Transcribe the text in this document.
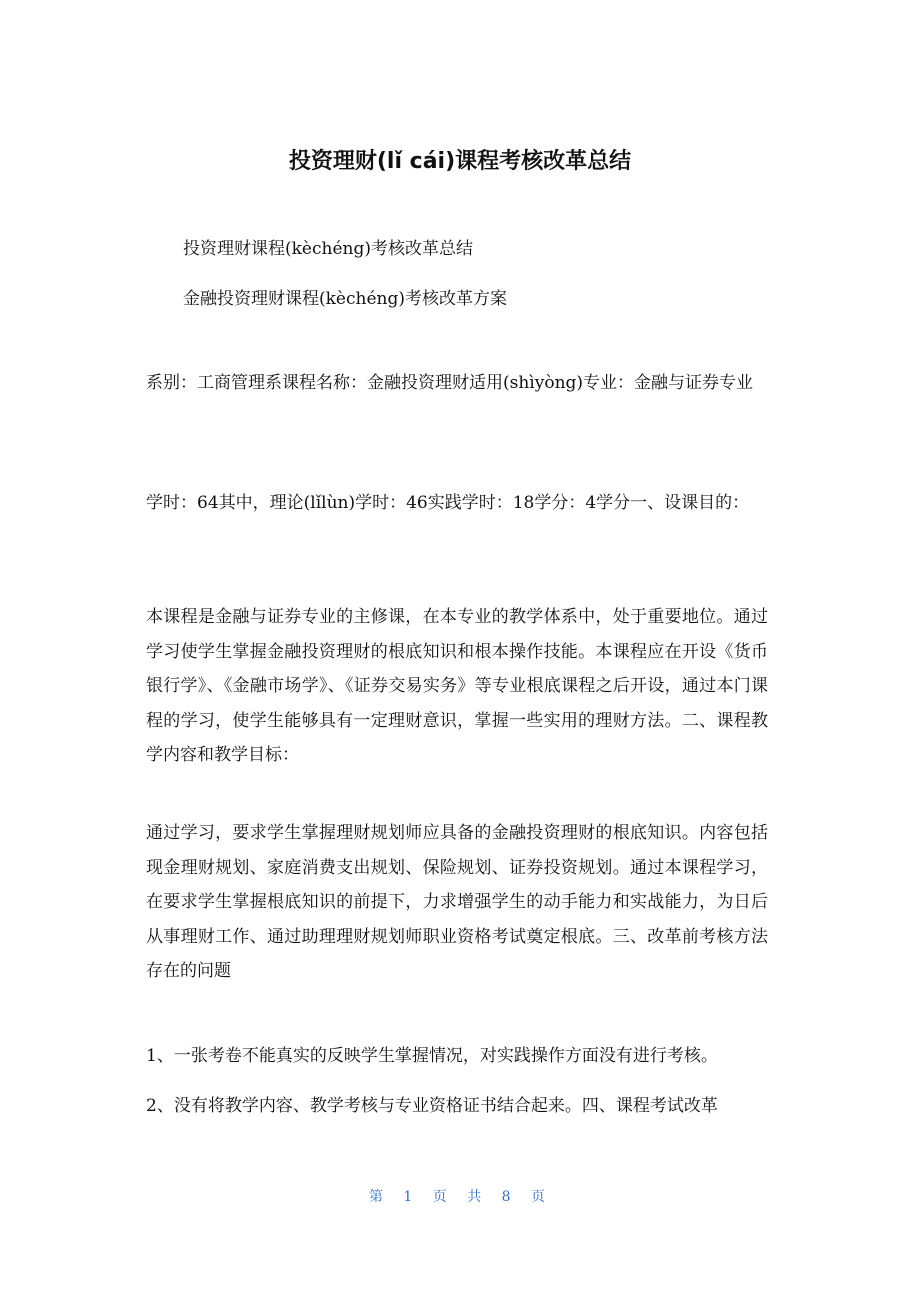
投资理财(lǐ cái)课程考核改革总结
投资理财课程(kèchéng)考核改革总结
金融投资理财课程(kèchéng)考核改革方案
系别：工商管理系课程名称：金融投资理财适用(shìyòng)专业：金融与证券专业
学时：64其中，理论(lǐlùn)学时：46实践学时：18学分：4学分一、设课目的：
本课程是金融与证券专业的主修课，在本专业的教学体系中，处于重要地位。通过学习使学生掌握金融投资理财的根底知识和根本操作技能。本课程应在开设《货币银行学》、《金融市场学》、《证券交易实务》等专业根底课程之后开设，通过本门课程的学习，使学生能够具有一定理财意识，掌握一些实用的理财方法。二、课程教学内容和教学目标：
通过学习，要求学生掌握理财规划师应具备的金融投资理财的根底知识。内容包括现金理财规划、家庭消费支出规划、保险规划、证券投资规划。通过本课程学习，在要求学生掌握根底知识的前提下，力求增强学生的动手能力和实战能力，为日后从事理财工作、通过助理理财规划师职业资格考试奠定根底。三、改革前考核方法存在的问题
1、一张考卷不能真实的反映学生掌握情况，对实践操作方面没有进行考核。
2、没有将教学内容、教学考核与专业资格证书结合起来。四、课程考试改革
第 1 页 共 8 页
